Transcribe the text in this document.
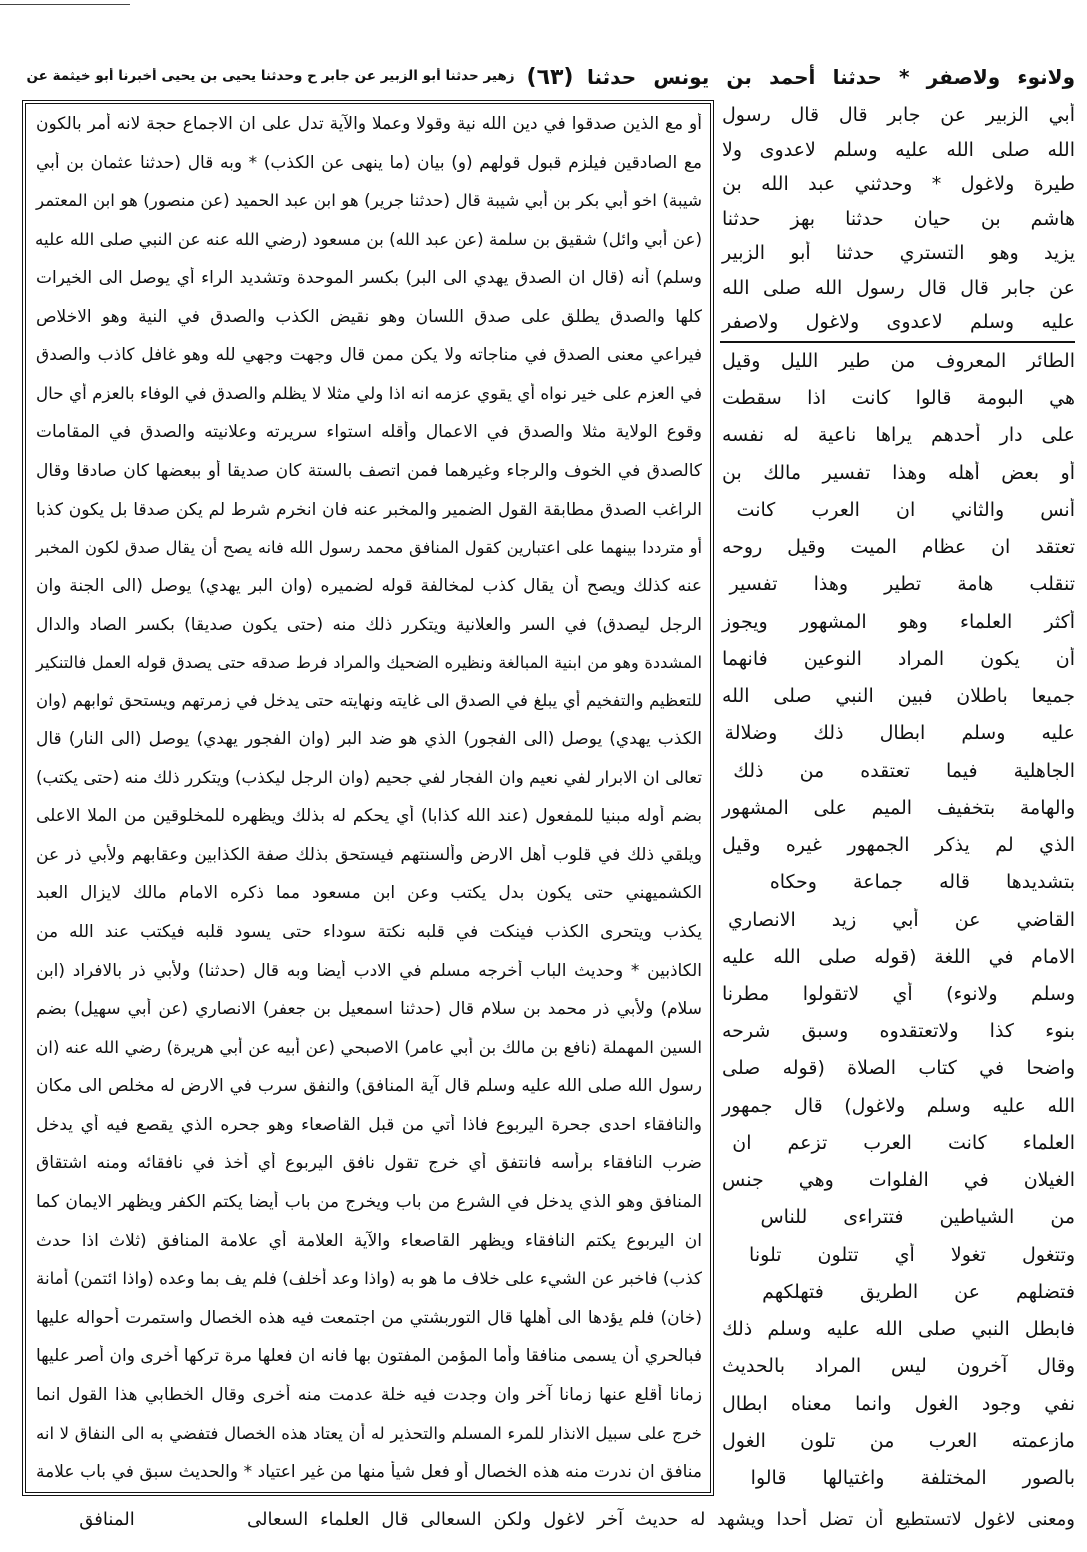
ولانوء ولاصفر * حدثنا أحمد بن يونس حدثنا
(٦٣)
زهير حدثنا أبو الزبير عن جابر ح وحدثنا يحيى بن يحيى أخبرنا أبو خيثمة عن
أو مع الذين صدقوا في دين الله نية وقولا وعملا والآية تدل على ان الاجماع حجة لانه أمر بالكون
مع الصادقين فيلزم قبول قولهم (و) بيان (ما ينهى عن الكذب) * وبه قال (حدثنا عثمان بن أبي
شيبة) اخو أبي بكر بن أبي شيبة قال (حدثنا جرير) هو ابن عبد الحميد (عن منصور) هو ابن المعتمر
(عن أبي وائل) شقيق بن سلمة (عن عبد الله) بن مسعود (رضي الله عنه عن النبي صلى الله عليه
وسلم) أنه (قال ان الصدق يهدي الى البر) بكسر الموحدة وتشديد الراء أي يوصل الى الخيرات
كلها والصدق يطلق على صدق اللسان وهو نقيض الكذب والصدق في النية وهو الاخلاص
فيراعي معنى الصدق في مناجاته ولا يكن ممن قال وجهت وجهي لله وهو غافل كاذب والصدق
في العزم على خير نواه أي يقوي عزمه انه اذا ولي مثلا لا يظلم والصدق في الوفاء بالعزم أي حال
وقوع الولاية مثلا والصدق في الاعمال وأقله استواء سريرته وعلانيته والصدق في المقامات
كالصدق في الخوف والرجاء وغيرهما فمن اتصف بالستة كان صديقا أو ببعضها كان صادقا وقال
الراغب الصدق مطابقة القول الضمير والمخبر عنه فان انخرم شرط لم يكن صدقا بل يكون كذبا
أو مترددا بينهما على اعتبارين كقول المنافق محمد رسول الله فانه يصح أن يقال صدق لكون المخبر
عنه كذلك ويصح أن يقال كذب لمخالفة قوله لضميره (وان البر يهدي) يوصل (الى الجنة وان
الرجل ليصدق) في السر والعلانية ويتكرر ذلك منه (حتى يكون صديقا) بكسر الصاد والدال
المشددة وهو من ابنية المبالغة ونظيره الضحيك والمراد فرط صدقه حتى يصدق قوله العمل فالتنكير
للتعظيم والتفخيم أي يبلغ في الصدق الى غايته ونهايته حتى يدخل في زمرتهم ويستحق ثوابهم (وان
الكذب يهدي) يوصل (الى الفجور) الذي هو ضد البر (وان الفجور يهدي) يوصل (الى النار) قال
تعالى ان الابرار لفي نعيم وان الفجار لفي جحيم (وان الرجل ليكذب) ويتكرر ذلك منه (حتى يكتب)
بضم أوله مبنيا للمفعول (عند الله كذابا) أي يحكم له بذلك ويظهره للمخلوقين من الملا الاعلى
ويلقي ذلك في قلوب أهل الارض وألسنتهم فيستحق بذلك صفة الكذابين وعقابهم ولأبي ذر عن
الكشميهني حتى يكون بدل يكتب وعن ابن مسعود مما ذكره الامام مالك لايزال العبد
يكذب ويتحرى الكذب فينكت في قلبه نكتة سوداء حتى يسود قلبه فيكتب عند الله من
الكاذبين * وحديث الباب أخرجه مسلم في الادب أيضا وبه قال (حدثنا) ولأبي ذر بالافراد (ابن
سلام) ولأبي ذر محمد بن سلام قال (حدثنا اسمعيل بن جعفر) الانصاري (عن أبي سهيل) بضم
السين المهملة (نافع بن مالك بن أبي عامر) الاصبحي (عن أبيه عن أبي هريرة) رضي الله عنه (ان
رسول الله صلى الله عليه وسلم قال آية المنافق) والنفق سرب في الارض له مخلص الى مكان
والنافقاء احدى جحرة اليربوع فاذا أتي من قبل القاصعاء وهو جحره الذي يقصع فيه أي يدخل
ضرب النافقاء برأسه فانتفق أي خرج تقول نافق اليربوع أي أخذ في نافقائه ومنه اشتقاق
المنافق وهو الذي يدخل في الشرع من باب ويخرج من باب أيضا يكتم الكفر ويظهر الايمان كما
ان اليربوع يكتم النافقاء ويظهر القاصعاء والآية العلامة أي علامة المنافق (ثلاث اذا حدث
كذب) فاخبر عن الشيء على خلاف ما هو به (واذا وعد أخلف) فلم يف بما وعده (واذا ائتمن) أمانة
(خان) فلم يؤدها الى أهلها قال التوربشتي من اجتمعت فيه هذه الخصال واستمرت أحواله عليها
فبالحري أن يسمى منافقا وأما المؤمن المفتون بها فانه ان فعلها مرة تركها أخرى وان أصر عليها
زمانا أقلع عنها زمانا آخر وان وجدت فيه خلة عدمت منه أخرى وقال الخطابي هذا القول انما
خرج على سبيل الانذار للمرء المسلم والتحذير له أن يعتاد هذه الخصال فتفضي به الى النفاق لا انه
منافق ان ندرت منه هذه الخصال أو فعل شيأ منها من غير اعتياد * والحديث سبق في باب علامة
أبي الزبير عن جابر قال قال رسول
الله صلى الله عليه وسلم لاعدوى ولا
طيرة ولاغول * وحدثني عبد الله بن
هاشم بن حيان حدثنا بهز حدثنا
يزيد وهو التستري حدثنا أبو الزبير
عن جابر قال قال رسول الله صلى الله
عليه وسلم لاعدوى ولاغول ولاصفر
الطائر المعروف من طير الليل وقيل
هي البومة قالوا كانت اذا سقطت
على دار أحدهم يراها ناعية له نفسه
أو بعض أهله وهذا تفسير مالك بن
أنس والثاني ان العرب كانت
تعتقد ان عظام الميت وقيل روحه
تنقلب هامة تطير وهذا تفسير
أكثر العلماء وهو المشهور ويجوز
أن يكون المراد النوعين فانهما
جميعا باطلان فبين النبي صلى الله
عليه وسلم ابطال ذلك وضلالة
الجاهلية فيما تعتقده من ذلك
والهامة بتخفيف الميم على المشهور
الذي لم يذكر الجمهور غيره وقيل
بتشديدها قاله جماعة وحكاه
القاضي عن أبي زيد الانصاري
الامام في اللغة (قوله صلى الله عليه
وسلم ولانوء) أي لاتقولوا مطرنا
بنوء كذا ولاتعتقدوه وسبق شرحه
واضحا في كتاب الصلاة (قوله صلى
الله عليه وسلم ولاغول) قال جمهور
العلماء كانت العرب تزعم ان
الغيلان في الفلوات وهي جنس
من الشياطين فتتراءى للناس
وتتغول تغولا أي تتلون تلونا
فتضلهم عن الطريق فتهلكهم
فابطل النبي صلى الله عليه وسلم ذلك
وقال آخرون ليس المراد بالحديث
نفي وجود الغول وانما معناه ابطال
مازعمته العرب من تلون الغول
بالصور المختلفة واغتيالها قالوا
ومعنى لاغول لاتستطيع أن تضل أحدا ويشهد له حديث آخر لاغول ولكن السعالى قال العلماء السعالى
المنافق
